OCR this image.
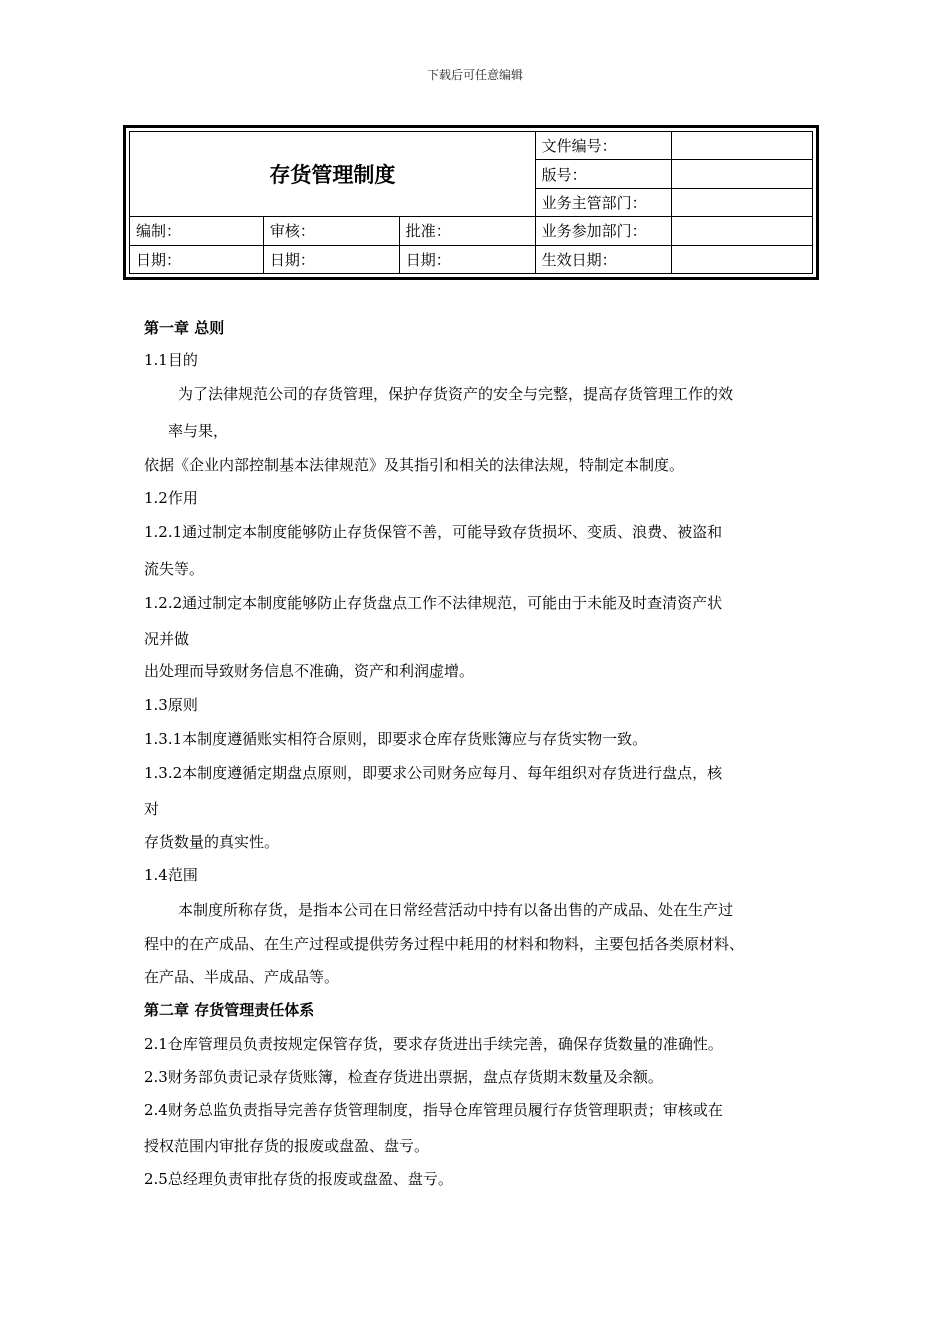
下载后可任意编辑
存货管理制度			文件编号：	
			版号：	
			业务主管部门：	
编制：	审核：	批准：	业务参加部门：	
日期：	日期：	日期：	生效日期：	
第一章 总则
1.1目的
为了法律规范公司的存货管理，保护存货资产的安全与完整，提高存货管理工作的效
率与果，
依据《企业内部控制基本法律规范》及其指引和相关的法律法规，特制定本制度。
1.2作用
1.2.1通过制定本制度能够防止存货保管不善，可能导致存货损坏、变质、浪费、被盗和
流失等。
1.2.2通过制定本制度能够防止存货盘点工作不法律规范，可能由于未能及时查清资产状
况并做
出处理而导致财务信息不准确，资产和利润虚增。
1.3原则
1.3.1本制度遵循账实相符合原则，即要求仓库存货账簿应与存货实物一致。
1.3.2本制度遵循定期盘点原则，即要求公司财务应每月、每年组织对存货进行盘点，核
对
存货数量的真实性。
1.4范围
本制度所称存货，是指本公司在日常经营活动中持有以备出售的产成品、处在生产过
程中的在产成品、在生产过程或提供劳务过程中耗用的材料和物料，主要包括各类原材料、
在产品、半成品、产成品等。
第二章 存货管理责任体系
2.1仓库管理员负责按规定保管存货，要求存货进出手续完善，确保存货数量的准确性。
2.3财务部负责记录存货账簿，检查存货进出票据，盘点存货期末数量及余额。
2.4财务总监负责指导完善存货管理制度，指导仓库管理员履行存货管理职责；审核或在
授权范围内审批存货的报废或盘盈、盘亏。
2.5总经理负责审批存货的报废或盘盈、盘亏。
